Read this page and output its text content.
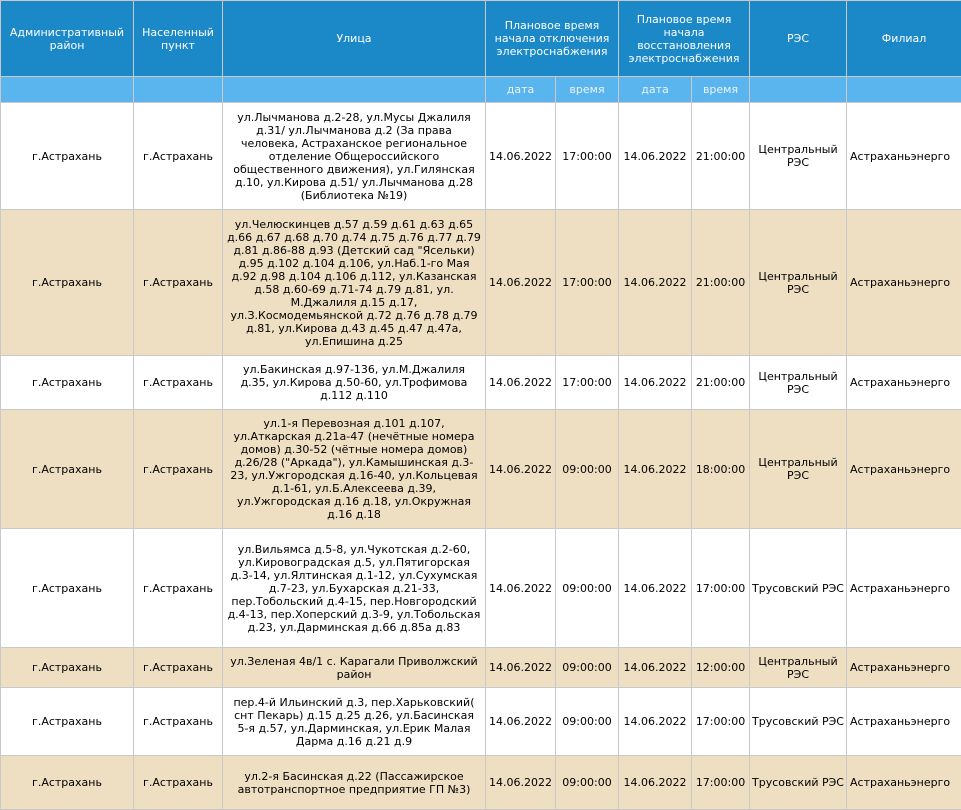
Административный район	Населенный пункт	Улица	Плановое время начала отключения электроснабжения		Плановое время начала восстановления электроснабжения		РЭС	Филиал
			дата	время	дата	время		
г.Астрахань	г.Астрахань	ул.Лычманова д.2-28, ул.Мусы Джалиля д.31/ ул.Лычманова д.2 (За права человека, Астраханское региональное отделение Общероссийского общественного движения), ул.Гилянская д.10, ул.Кирова д.51/ ул.Лычманова д.28 (Библиотека №19)	14.06.2022	17:00:00	14.06.2022	21:00:00	Центральный РЭС	Астраханьэнерго
г.Астрахань	г.Астрахань	ул.Челюскинцев д.57 д.59 д.61 д.63 д.65 д.66 д.67 д.68 д.70 д.74 д.75 д.76 д.77 д.79 д.81 д.86-88 д.93 (Детский сад "Ясельки) д.95 д.102 д.104 д.106, ул.Наб.1-го Мая д.92 д.98 д.104 д.106 д.112, ул.Казанская д.58 д.60-69 д.71-74 д.79 д.81, ул. М.Джалиля д.15 д.17, ул.З.Космодемьянской д.72 д.76 д.78 д.79 д.81, ул.Кирова д.43 д.45 д.47 д.47а, ул.Епишина д.25	14.06.2022	17:00:00	14.06.2022	21:00:00	Центральный РЭС	Астраханьэнерго
г.Астрахань	г.Астрахань	ул.Бакинская д.97-136, ул.М.Джалиля д.35, ул.Кирова д.50-60, ул.Трофимова д.112 д.110	14.06.2022	17:00:00	14.06.2022	21:00:00	Центральный РЭС	Астраханьэнерго
г.Астрахань	г.Астрахань	ул.1-я Перевозная д.101 д.107, ул.Аткарская д.21а-47 (нечётные номера домов) д.30-52 (чётные номера домов) д.26/28 ("Аркада"), ул.Камышинская д.3-23, ул.Ужгородская д.16-40, ул.Кольцевая д.1-61, ул.Б.Алексеева д.39, ул.Ужгородская д.16 д.18, ул.Окружная д.16 д.18	14.06.2022	09:00:00	14.06.2022	18:00:00	Центральный РЭС	Астраханьэнерго
г.Астрахань	г.Астрахань	ул.Вильямса д.5-8, ул.Чукотская д.2-60, ул.Кировоградская д.5, ул.Пятигорская д.3-14, ул.Ялтинская д.1-12, ул.Сухумская д.7-23, ул.Бухарская д.21-33, пер.Тобольский д.4-15, пер.Новгородский д.4-13, пер.Хоперский д.3-9, ул.Тобольская д.23, ул.Дарминская д.66 д.85а д.83	14.06.2022	09:00:00	14.06.2022	17:00:00	Трусовский РЭС	Астраханьэнерго
г.Астрахань	г.Астрахань	ул.Зеленая 4в/1 с. Карагали Приволжский район	14.06.2022	09:00:00	14.06.2022	12:00:00	Центральный РЭС	Астраханьэнерго
г.Астрахань	г.Астрахань	пер.4-й Ильинский д.3, пер.Харьковский( снт Пекарь) д.15 д.25 д.26, ул.Басинская 5-я д.57, ул.Дарминская, ул.Ерик Малая Дарма д.16 д.21 д.9	14.06.2022	09:00:00	14.06.2022	17:00:00	Трусовский РЭС	Астраханьэнерго
г.Астрахань	г.Астрахань	ул.2-я Басинская д.22 (Пассажирское автотранспортное предприятие ГП №3)	14.06.2022	09:00:00	14.06.2022	17:00:00	Трусовский РЭС	Астраханьэнерго
